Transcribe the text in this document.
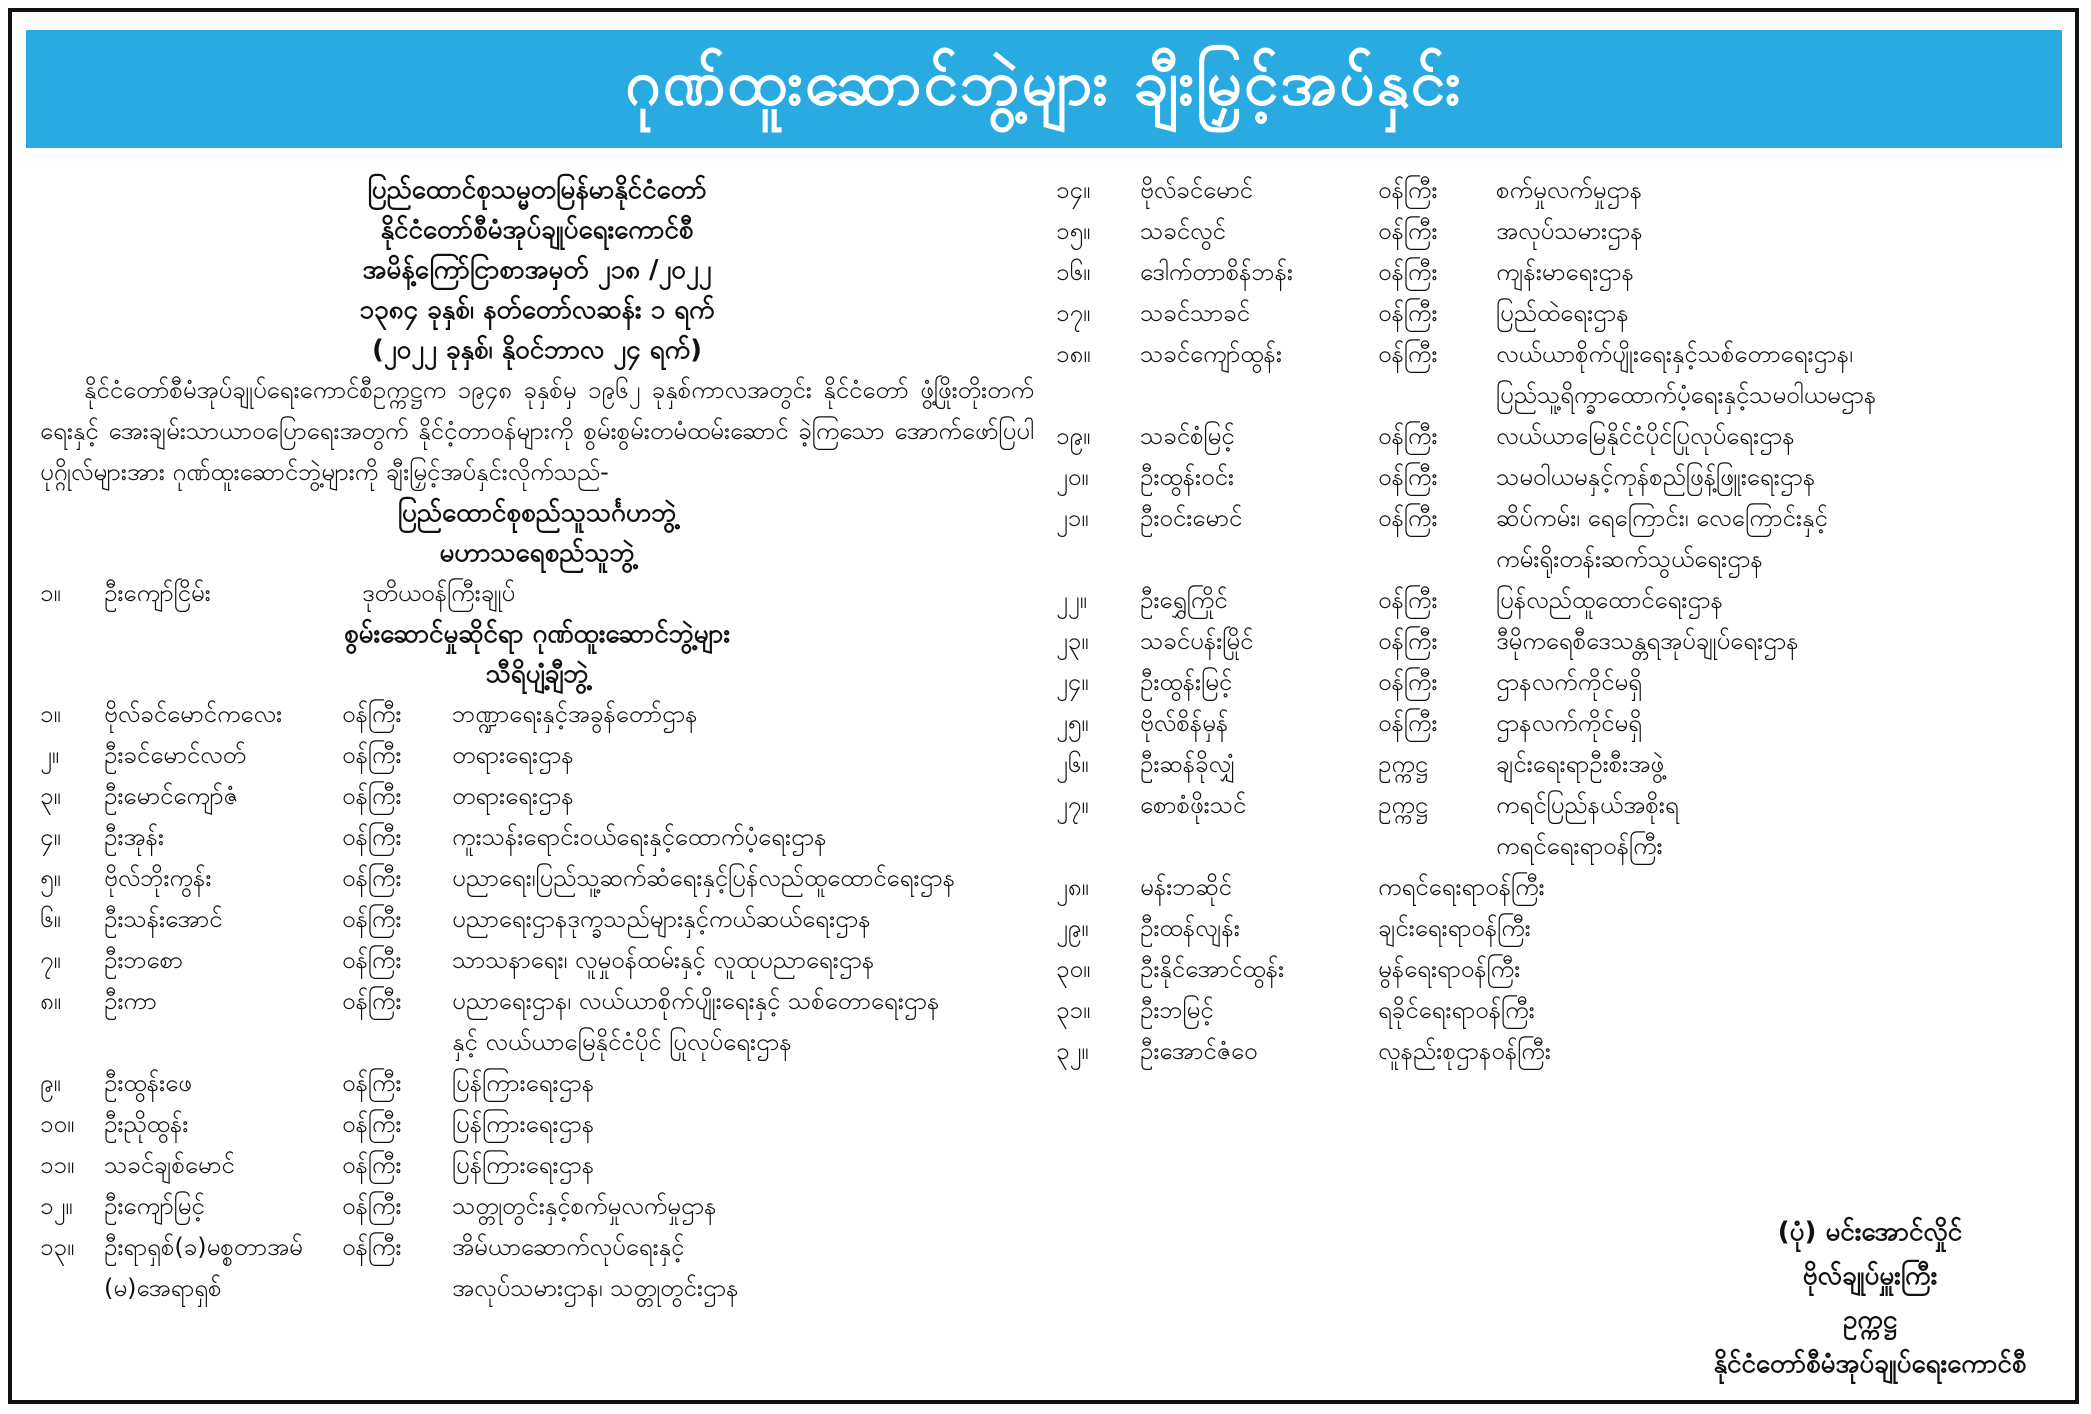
ဂုဏ်ထူးဆောင်ဘွဲ့များ ချီးမြှင့်အပ်နှင်း
ပြည်ထောင်စုသမ္မတမြန်မာနိုင်ငံတော်
နိုင်ငံတော်စီမံအုပ်ချုပ်ရေးကောင်စီ
အမိန့်ကြော်ငြာစာအမှတ် ၂၁၈ /၂၀၂၂
၁၃၈၄ ခုနှစ်၊ နတ်တော်လဆန်း ၁ ရက်
(၂၀၂၂ ခုနှစ်၊ နိုဝင်ဘာလ ၂၄ ရက်)
နိုင်ငံတော်စီမံအုပ်ချုပ်ရေးကောင်စီဥက္ကဋ္ဌက ၁၉၄၈ ခုနှစ်မှ ၁၉၆၂ ခုနှစ်ကာလအတွင်း နိုင်ငံတော် ဖွံ့ဖြိုးတိုးတက်ရေးနှင့် အေးချမ်းသာယာဝပြောရေးအတွက် နိုင်ငံ့တာဝန်များကို စွမ်းစွမ်းတမံထမ်းဆောင် ခဲ့ကြသော အောက်ဖော်ပြပါပုဂ္ဂိုလ်များအား ဂုဏ်ထူးဆောင်ဘွဲ့များကို ချီးမြှင့်အပ်နှင်းလိုက်သည်-
ပြည်ထောင်စုစည်သူသင်္ဂဟဘွဲ့
မဟာသရေစည်သူဘွဲ့
၁။ ဦးကျော်ငြိမ်း	ဒုတိယဝန်ကြီးချုပ်
စွမ်းဆောင်မှုဆိုင်ရာ ဂုဏ်ထူးဆောင်ဘွဲ့များ
သီရိပျံ့ချီဘွဲ့
၁။ ဗိုလ်ခင်မောင်ကလေး ဝန်ကြီး ဘဏ္ဍာရေးနှင့်အခွန်တော်ဌာန
၂။ ဦးခင်မောင်လတ်	ဝန်ကြီး တရားရေးဌာန
၃။ ဦးမောင်ကျော်ဇံ	ဝန်ကြီး တရားရေးဌာန
၄။ ဦးအုန်း	ဝန်ကြီး ကူးသန်းရောင်းဝယ်ရေးနှင့်ထောက်ပံ့ရေးဌာန
၅။ ဗိုလ်ဘိုးကွန်း	ဝန်ကြီး ပညာရေး၊ပြည်သူ့ဆက်ဆံရေးနှင့်ပြန်လည်ထူထောင်ရေးဌာန
၆။ ဦးသန်းအောင်	ဝန်ကြီး ပညာရေးဌာနဒုက္ခသည်များနှင့်ကယ်ဆယ်ရေးဌာန
၇။ ဦးဘစော	ဝန်ကြီး သာသနာရေး၊ လူမှုဝန်ထမ်းနှင့် လူထုပညာရေးဌာန
၈။ ဦးကာ	ဝန်ကြီး ပညာရေးဌာန၊ လယ်ယာစိုက်ပျိုးရေးနှင့် သစ်တောရေးဌာန
နှင့် လယ်ယာမြေနိုင်ငံပိုင် ပြုလုပ်ရေးဌာန
၉။ ဦးထွန်းဖေ	ဝန်ကြီး ပြန်ကြားရေးဌာန
၁၀။ ဦးညိုထွန်း	ဝန်ကြီး ပြန်ကြားရေးဌာန
၁၁။ သခင်ချစ်မောင်	ဝန်ကြီး ပြန်ကြားရေးဌာန
၁၂။ ဦးကျော်မြင့်	ဝန်ကြီး သတ္တုတွင်းနှင့်စက်မှုလက်မှုဌာန
၁၃။ ဦးရာရှစ်(ခ)မစ္စတာအမ် ဝန်ကြီး အိမ်ယာဆောက်လုပ်ရေးနှင့်
(မ)အေရာရှစ်	အလုပ်သမားဌာန၊ သတ္တုတွင်းဌာန
၁၄။ ဗိုလ်ခင်မောင်	ဝန်ကြီး စက်မှုလက်မှုဌာန
၁၅။ သခင်လွင်	ဝန်ကြီး အလုပ်သမားဌာန
၁၆။ ဒေါက်တာစိန်ဘန်း	ဝန်ကြီး ကျန်းမာရေးဌာန
၁၇။ သခင်သာခင်	ဝန်ကြီး ပြည်ထဲရေးဌာန
၁၈။ သခင်ကျော်ထွန်း	ဝန်ကြီး လယ်ယာစိုက်ပျိုးရေးနှင့်သစ်တောရေးဌာန၊
ပြည်သူ့ရိက္ခာထောက်ပံ့ရေးနှင့်သမဝါယမဌာန
၁၉။ သခင်စံမြင့်	ဝန်ကြီး လယ်ယာမြေနိုင်ငံပိုင်ပြုလုပ်ရေးဌာန
၂၀။ ဦးထွန်းဝင်း	ဝန်ကြီး သမဝါယမနှင့်ကုန်စည်ဖြန့်ဖြူးရေးဌာန
၂၁။ ဦးဝင်းမောင်	ဝန်ကြီး ဆိပ်ကမ်း၊ ရေကြောင်း၊ လေကြောင်းနှင့်
ကမ်းရိုးတန်းဆက်သွယ်ရေးဌာန
၂၂။ ဦးရွှေကြိုင်	ဝန်ကြီး ပြန်လည်ထူထောင်ရေးဌာန
၂၃။ သခင်ပန်းမြိုင်	ဝန်ကြီး ဒီမိုကရေစီဒေသန္တရအုပ်ချုပ်ရေးဌာန
၂၄။ ဦးထွန်းမြင့်	ဝန်ကြီး ဌာနလက်ကိုင်မရှိ
၂၅။ ဗိုလ်စိန်မှန်	ဝန်ကြီး ဌာနလက်ကိုင်မရှိ
၂၆။ ဦးဆန်ခိုလျှံ	ဥက္ကဋ္ဌ	ချင်းရေးရာဦးစီးအဖွဲ့
၂၇။ စောစံဖိုးသင်	ဥက္ကဋ္ဌ	ကရင်ပြည်နယ်အစိုးရ
ကရင်ရေးရာဝန်ကြီး
၂၈။ မန်းဘဆိုင်	ကရင်ရေးရာဝန်ကြီး
၂၉။ ဦးထန်လျန်း	ချင်းရေးရာဝန်ကြီး
၃၀။ ဦးနိုင်အောင်ထွန်း	မွန်ရေးရာဝန်ကြီး
၃၁။ ဦးဘမြင့်	ရခိုင်ရေးရာဝန်ကြီး
၃၂။ ဦးအောင်ဇံဝေ	လူနည်းစုဌာနဝန်ကြီး
(ပုံ) မင်းအောင်လှိုင်
ဗိုလ်ချုပ်မှူးကြီး
ဥက္ကဋ္ဌ
နိုင်ငံတော်စီမံအုပ်ချုပ်ရေးကောင်စီ
